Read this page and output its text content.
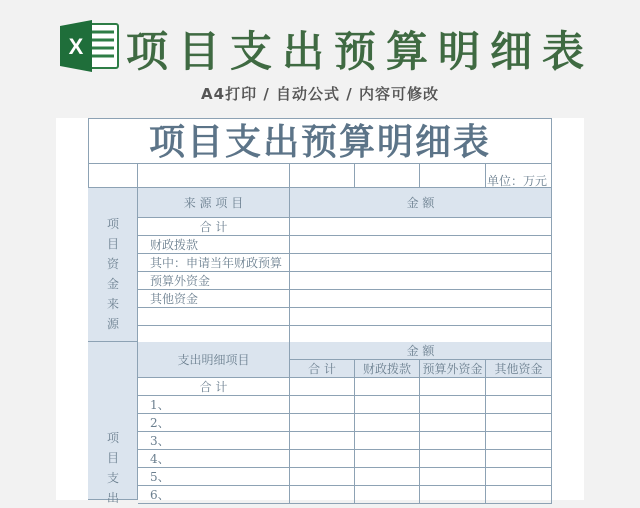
X 项目支出预算明细表
A4打印 / 自动公式 / 内容可修改
单位：万元
来 源 项 目	金 额
合 计
财政拨款
其中：申请当年财政预算
预算外资金
其他资金
支出明细项目
金 额
合 计	财政拨款 预算外资金 其他资金
合 计
1、
2、
3、
4、
5、
6、
项
目
资
金
来
源
项
目
支
出
项目支出预算明细表
